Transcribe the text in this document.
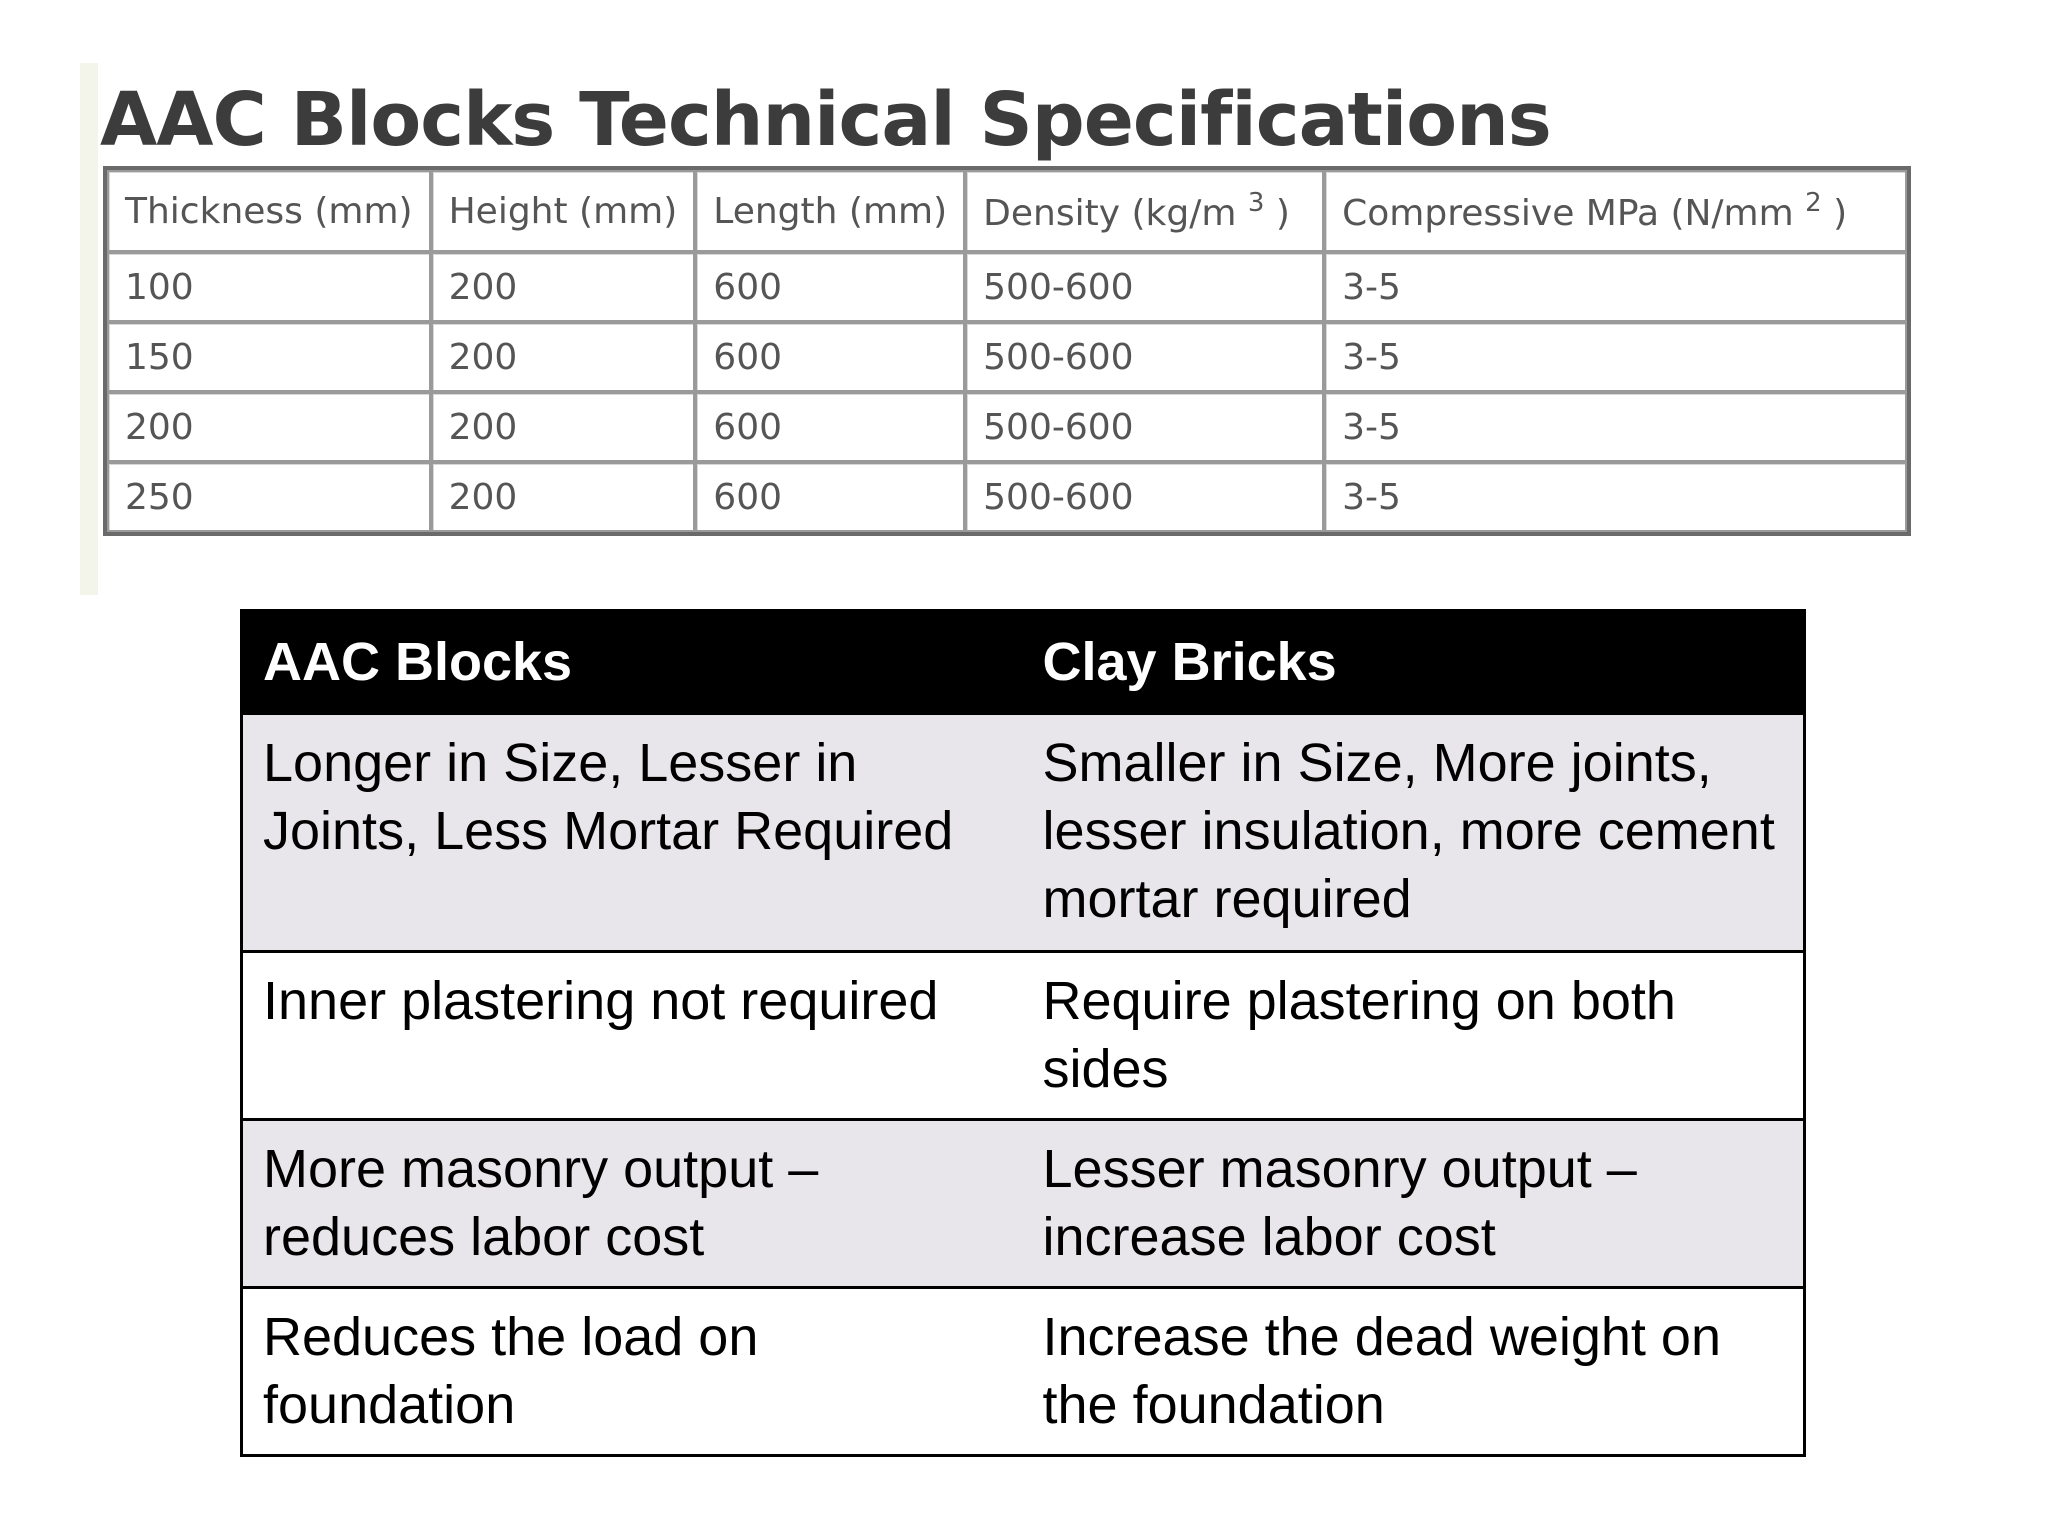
AAC Blocks Technical Specifications
Thickness (mm)	Height (mm)	Length (mm)	Density (kg/m $^3$ )	Compressive MPa (N/mm $^2$ )
100	200	600	500-600	3-5
150	200	600	500-600	3-5
200	200	600	500-600	3-5
250	200	600	500-600	3-5
AAC Blocks	Clay Bricks
Longer in Size, Lesser in Joints, Less Mortar Required	Smaller in Size, More joints, lesser insulation, more cement mortar required
Inner plastering not required	Require plastering on both sides
More masonry output – reduces labor cost	Lesser masonry output – increase labor cost
Reduces the load on foundation	Increase the dead weight on the foundation
